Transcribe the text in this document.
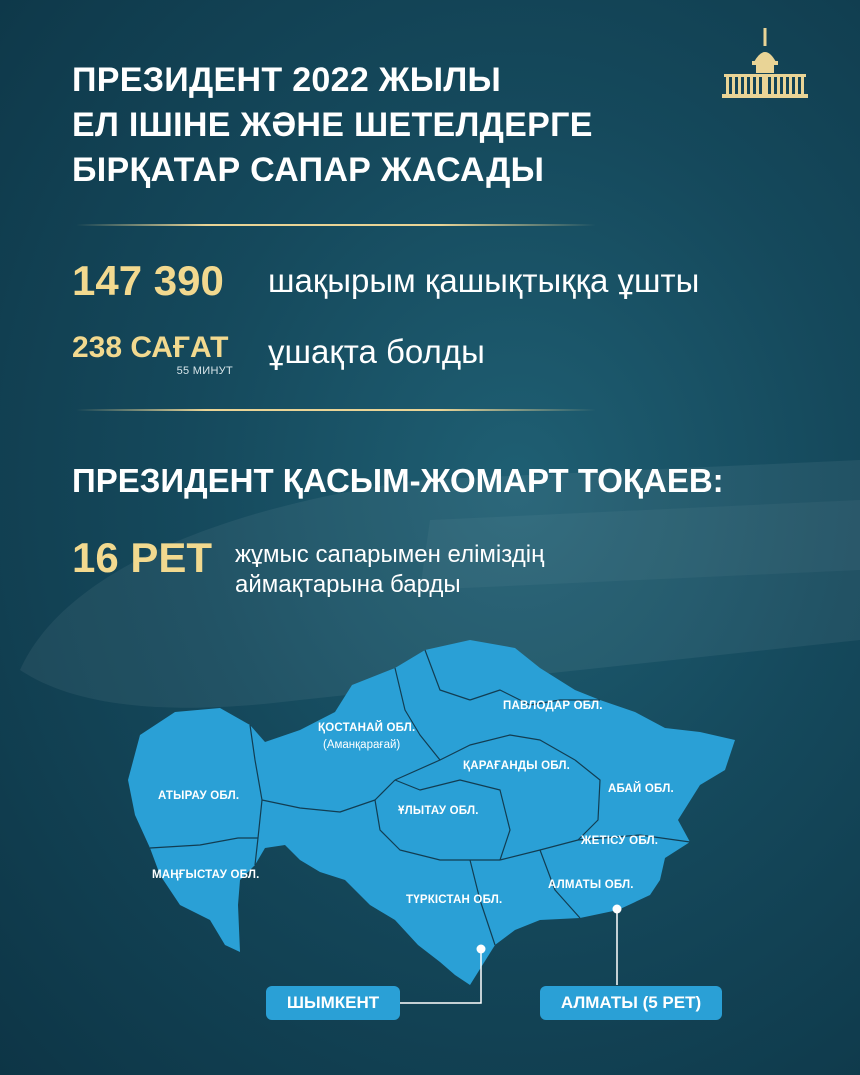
ПРЕЗИДЕНТ 2022 ЖЫЛЫ
ЕЛ ІШІНЕ ЖӘНЕ ШЕТЕЛДЕРГЕ
БІРҚАТАР САПАР ЖАСАДЫ
147 390 шақырым қашықтыққа ұшты
238 САҒАТ
55 МИНУТ
ұшақта болды
ПРЕЗИДЕНТ ҚАСЫМ-ЖОМАРТ ТОҚАЕВ:
16 РЕТ жұмыс сапарымен еліміздің
аймақтарына барды
ҚОСТАНАЙ ОБЛ.
(Аманқарағай)
ПАВЛОДАР ОБЛ.
ҚАРАҒАНДЫ ОБЛ.
АТЫРАУ ОБЛ.
ҰЛЫТАУ ОБЛ.
АБАЙ ОБЛ.
ЖЕТІСУ ОБЛ.
МАҢҒЫСТАУ ОБЛ.
ТҮРКІСТАН ОБЛ.
АЛМАТЫ ОБЛ.
ШЫМКЕНТ	АЛМАТЫ (5 РЕТ)
